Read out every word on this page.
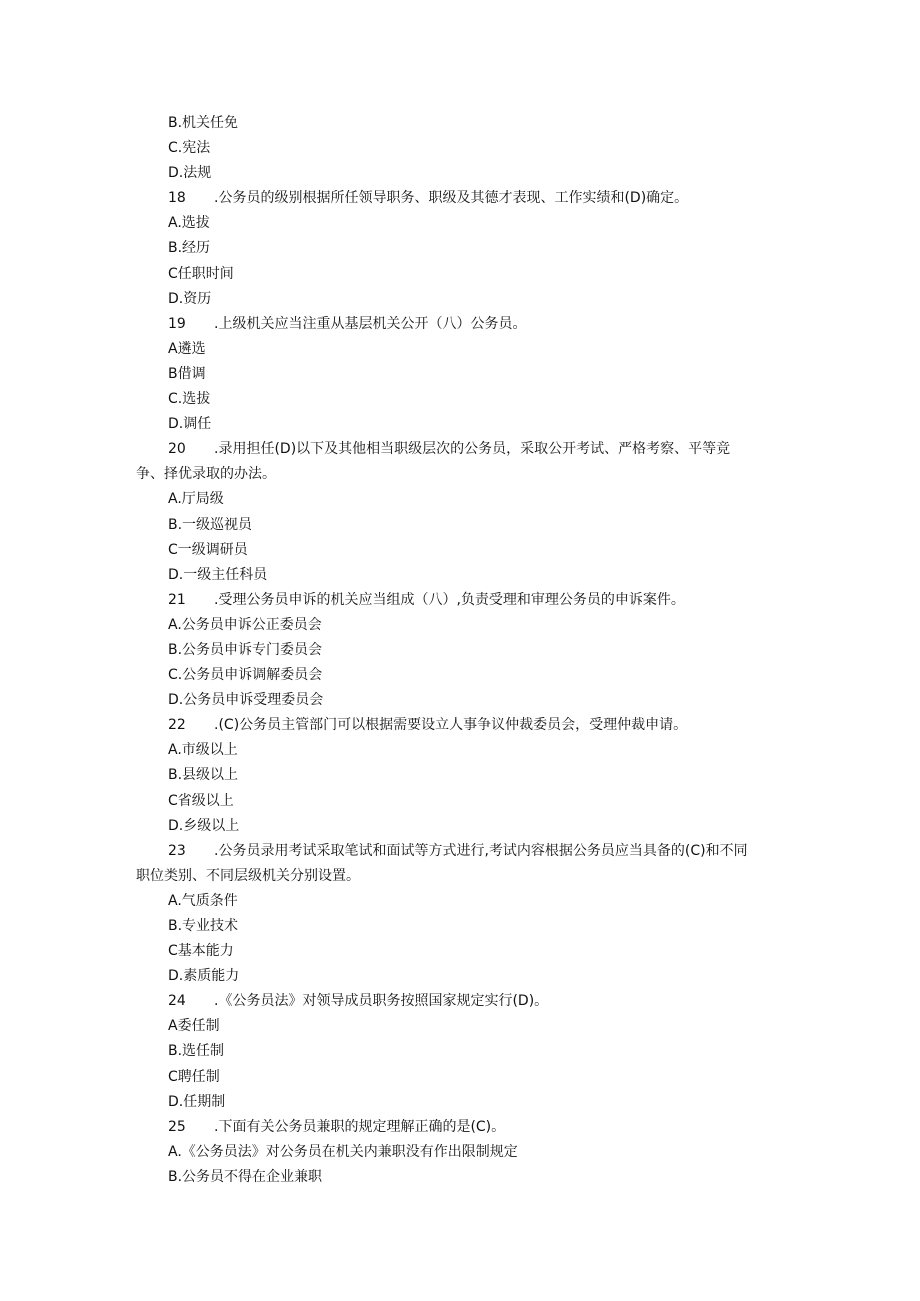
B.机关任免
C.宪法
D.法规
18	.公务员的级别根据所任领导职务、职级及其德才表现、工作实绩和(D)确定。
A.选拔
B.经历
C任职时间
D.资历
19	.上级机关应当注重从基层机关公开（八）公务员。
A遴选
B借调
C.选拔
D.调任
20	.录用担任(D)以下及其他相当职级层次的公务员，采取公开考试、严格考察、平等竞
争、择优录取的办法。
A.厅局级
B.一级巡视员
C一级调研员
D.一级主任科员
21	.受理公务员申诉的机关应当组成（八）,负责受理和审理公务员的申诉案件。
A.公务员申诉公正委员会
B.公务员申诉专门委员会
C.公务员申诉调解委员会
D.公务员申诉受理委员会
22	.(C)公务员主管部门可以根据需要设立人事争议仲裁委员会，受理仲裁申请。
A.市级以上
B.县级以上
C省级以上
D.乡级以上
23	.公务员录用考试采取笔试和面试等方式进行,考试内容根据公务员应当具备的(C)和不同
职位类别、不同层级机关分别设置。
A.气质条件
B.专业技术
C基本能力
D.素质能力
24	.《公务员法》对领导成员职务按照国家规定实行(D)。
A委任制
B.选任制
C聘任制
D.任期制
25	.下面有关公务员兼职的规定理解正确的是(C)。
A.《公务员法》对公务员在机关内兼职没有作出限制规定
B.公务员不得在企业兼职
